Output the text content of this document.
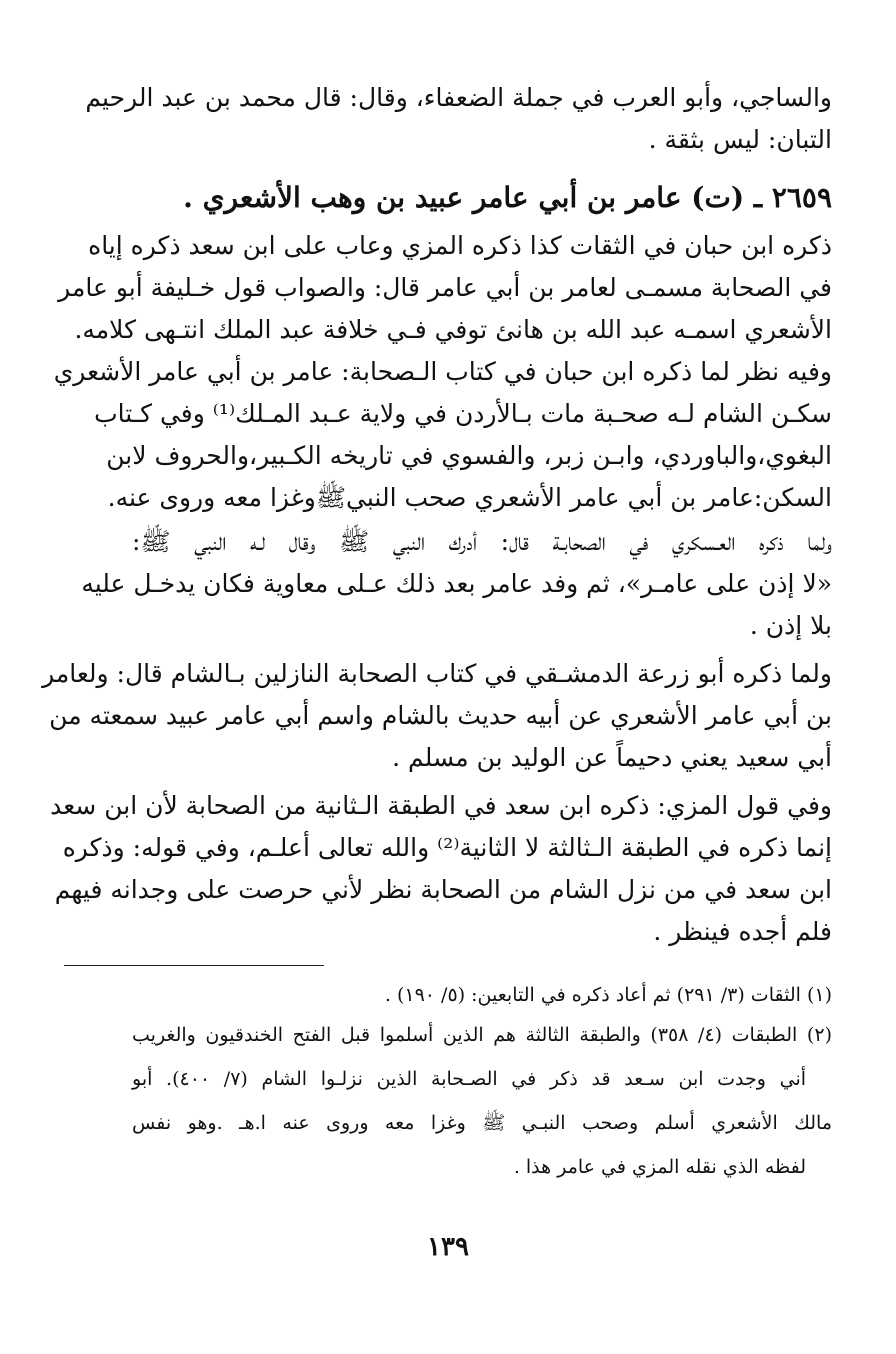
والساجي، وأبو العرب في جملة الضعفاء، وقال: قال محمد بن عبد الرحيم
التبان: ليس بثقة .
٢٦٥٩ ـ (ت) عامر بن أبي عامر عبيد بن وهب الأشعري .
ذكره ابن حبان في الثقات كذا ذكره المزي وعاب على ابن سعد ذكره إياه
في الصحابة مسمـى لعامر بن أبي عامر قال: والصواب قول خـليفة أبو عامر
الأشعري اسمـه عبد الله بن هانئ توفي فـي خلافة عبد الملك انتـهى كلامه.
وفيه نظر لما ذكره ابن حبان في كتاب الـصحابة: عامر بن أبي عامر الأشعري
سكـن الشام لـه صحـبة مات بـالأردن في ولاية عـبد المـلك⁽¹⁾ وفي كـتاب
البغوي،والباوردي، وابـن زبر، والفسوي في تاريخه الكـبير،والحروف لابن
السكن:عامر بن أبي عامر الأشعري صحب النبيﷺوغزا معه وروى عنه.
ولما ذكره العـسكري في الصحابـة قال: أدرك النبي ﷺ وقال لـه النبي ﷺ:
«لا إذن على عامـر»، ثم وفد عامر بعد ذلك عـلى معاوية فكان يدخـل عليه
بلا إذن .
ولما ذكره أبو زرعة الدمشـقي في كتاب الصحابة النازلين بـالشام قال: ولعامر
بن أبي عامر الأشعري عن أبيه حديث بالشام واسم أبي عامر عبيد سمعته من
أبي سعيد يعني دحيماً عن الوليد بن مسلم .
وفي قول المزي: ذكره ابن سعد في الطبقة الـثانية من الصحابة لأن ابن سعد
إنما ذكره في الطبقة الـثالثة لا الثانية⁽²⁾ والله تعالى أعلـم، وفي قوله: وذكره
ابن سعد في من نزل الشام من الصحابة نظر لأني حرصت على وجدانه فيهم
فلم أجده فينظر .
(١) الثقات (٣/ ٢٩١) ثم أعاد ذكره في التابعين: (٥/ ١٩٠) .
(٢) الطبقات (٤/ ٣٥٨) والطبقة الثالثة هم الذين أسلموا قبل الفتح الخندقيون والغريب
أني وجدت ابن سـعد قد ذكر في الصـحابة الذين نزلـوا الشام (٧/ ٤٠٠). أبو
مالك الأشعري أسلم وصحب النبـي ﷺ وغزا معه وروى عنه ا.هـ .وهو نفس
لفظه الذي نقله المزي في عامر هذا .
١٣٩
